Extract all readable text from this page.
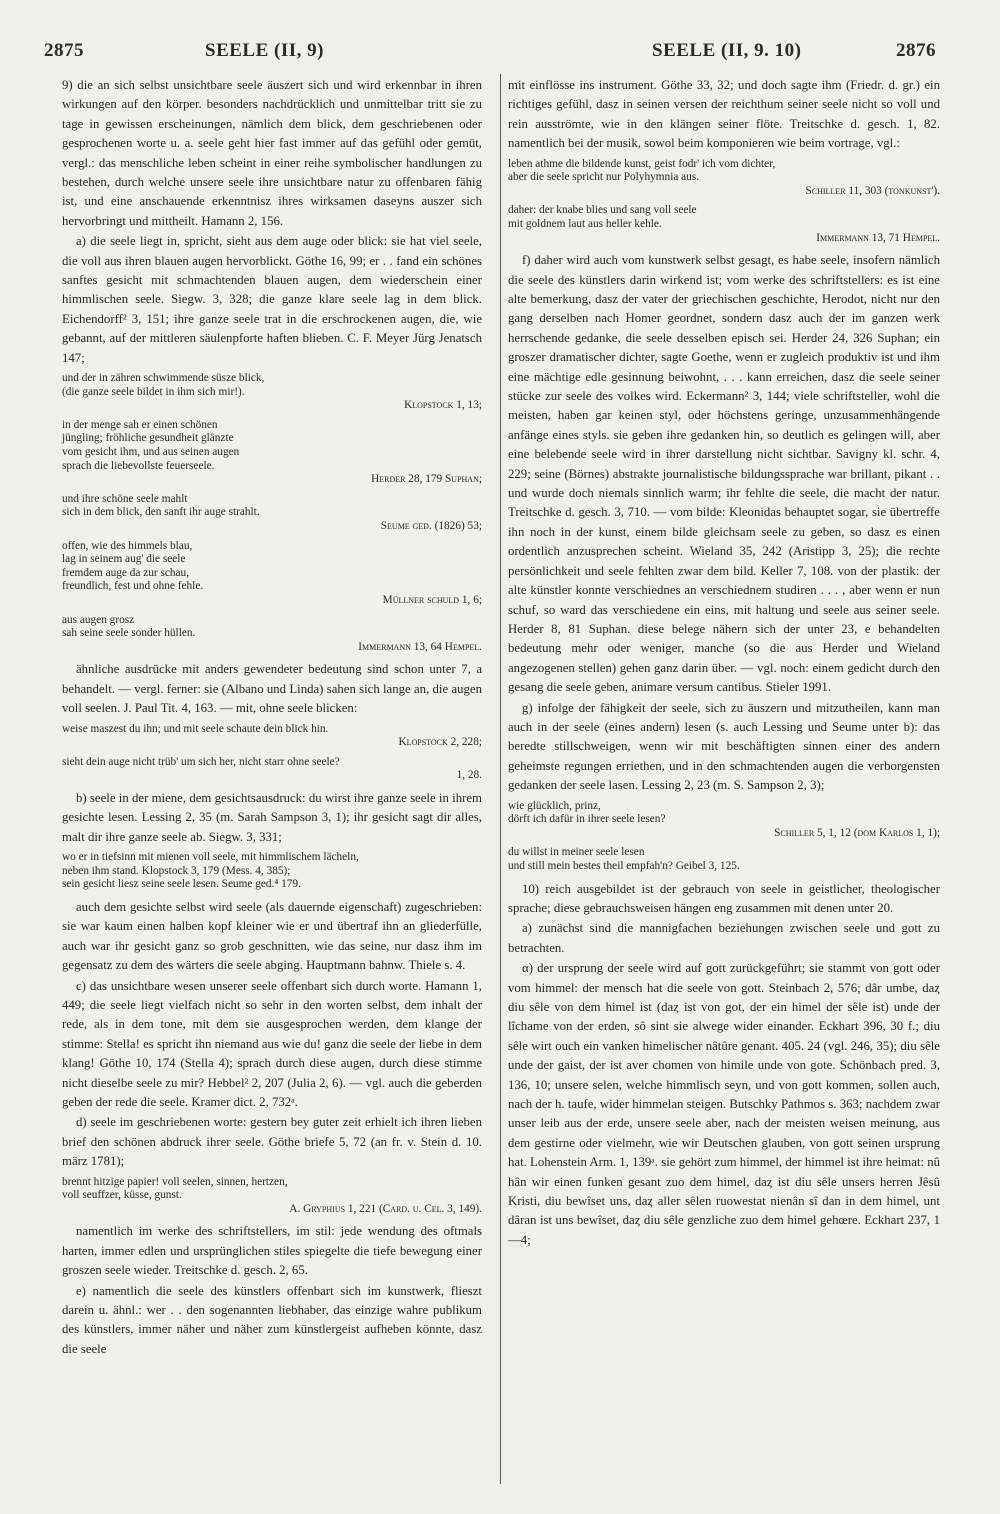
2875	SEELE (II, 9)	SEELE (II, 9. 10)	2876

9) die an sich selbst unsichtbare seele äuszert sich und wird erkennbar in ihren wirkungen auf den körper. besonders nachdrücklich und unmittelbar tritt sie zu tage in gewissen erscheinungen, nämlich dem blick, dem geschriebenen oder gesprochenen worte u. a. seele geht hier fast immer auf das gefühl oder gemüt, vergl.: das menschliche leben scheint in einer reihe symbolischer handlungen zu bestehen, durch welche unsere seele ihre unsichtbare natur zu offenbaren fähig ist, und eine anschauende erkenntnisz ihres wirksamen daseyns auszer sich hervorbringt und mittheilt. Hamann 2, 156.

a) die seele liegt in, spricht, sieht aus dem auge oder blick: sie hat viel seele, die voll aus ihren blauen augen hervorblickt. Göthe 16, 99; er . . fand ein schönes sanftes gesicht mit schmachtenden blauen augen, dem wiederschein einer himmlischen seele. Siegw. 3, 328; die ganze klare seele lag in dem blick. Eichendorff² 3, 151; ihre ganze seele trat in die erschrockenen augen, die, wie gebannt, auf der mittleren säulenpforte haften blieben. C. F. Meyer Jürg Jenatsch 147;

und der in zähren schwimmende süsze blick,
(die ganze seele bildet in ihm sich mir!).
Klopstock 1, 13;
in der menge sah er einen schönen
jüngling; fröhliche gesundheit glänzte
vom gesicht ihm, und aus seinen augen
sprach die liebevollste feuerseele.
Herder 28, 179 Suphan;
und ihre schöne seele mahlt
sich in dem blick, den sanft ihr auge strahlt.
Seume ged. (1826) 53;
offen, wie des himmels blau,
lag in seinem aug' die seele
fremdem auge da zur schau,
freundlich, fest und ohne fehle.
Müllner schuld 1, 6;
aus augen grosz
sah seine seele sonder hüllen.
Immermann 13, 64 Hempel.

ähnliche ausdrücke mit anders gewendeter bedeutung sind schon unter 7, a behandelt. — vergl. ferner: sie (Albano und Linda) sahen sich lange an, die augen voll seelen. J. Paul Tit. 4, 163. — mit, ohne seele blicken:

weise maszest du ihn; und mit seele schaute dein blick hin.
Klopstock 2, 228;
sieht dein auge nicht trüb' um sich her, nicht starr ohne seele?
1, 28.

b) seele in der miene, dem gesichtsausdruck: du wirst ihre ganze seele in ihrem gesichte lesen. Lessing 2, 35 (m. Sarah Sampson 3, 1); ihr gesicht sagt dir alles, malt dir ihre ganze seele ab. Siegw. 3, 331;

wo er in tiefsinn mit mienen voll seele, mit himmlischem lächeln,
neben ihm stand. Klopstock 3, 179 (Mess. 4, 385);
sein gesicht liesz seine seele lesen. Seume ged.⁴ 179.

auch dem gesichte selbst wird seele (als dauernde eigenschaft) zugeschrieben: sie war kaum einen halben kopf kleiner wie er und übertraf ihn an gliederfülle, auch war ihr gesicht ganz so grob geschnitten, wie das seine, nur dasz ihm im gegensatz zu dem des wärters die seele abging. Hauptmann bahnw. Thiele s. 4.

c) das unsichtbare wesen unserer seele offenbart sich durch worte. Hamann 1, 449; die seele liegt vielfach nicht so sehr in den worten selbst, dem inhalt der rede, als in dem tone, mit dem sie ausgesprochen werden, dem klange der stimme: Stella! es spricht ihn niemand aus wie du! ganz die seele der liebe in dem klang! Göthe 10, 174 (Stella 4); sprach durch diese augen, durch diese stimme nicht dieselbe seele zu mir? Hebbel² 2, 207 (Julia 2, 6). — vgl. auch die geberden geben der rede die seele. Kramer dict. 2, 732ᵃ.

d) seele im geschriebenen worte: gestern bey guter zeit erhielt ich ihren lieben brief den schönen abdruck ihrer seele. Göthe briefe 5, 72 (an fr. v. Stein d. 10. märz 1781);

brennt hitzige papier! voll seelen, sinnen, hertzen,
voll seuffzer, küsse, gunst.
A. Gryphius 1, 221 (Card. u. Cel. 3, 149).

namentlich im werke des schriftstellers, im stil: jede wendung des oftmals harten, immer edlen und ursprünglichen stiles spiegelte die tiefe bewegung einer groszen seele wieder. Treitschke d. gesch. 2, 65.

e) namentlich die seele des künstlers offenbart sich im kunstwerk, flieszt darein u. ähnl.: wer . . den sogenannten liebhaber, das einzige wahre publikum des künstlers, immer näher und näher zum künstlergeist aufheben könnte, dasz die seele

mit einflösse ins instrument. Göthe 33, 32; und doch sagte ihm (Friedr. d. gr.) ein richtiges gefühl, dasz in seinen versen der reichthum seiner seele nicht so voll und rein ausströmte, wie in den klängen seiner flöte. Treitschke d. gesch. 1, 82. namentlich bei der musik, sowol beim komponieren wie beim vortrage, vgl.:

leben athme die bildende kunst, geist fodr' ich vom dichter,
aber die seele spricht nur Polyhymnia aus.
Schiller 11, 303 (tonkunst').
daher: der knabe blies und sang voll seele
mit goldnem laut aus heller kehle.
Immermann 13, 71 Hempel.

f) daher wird auch vom kunstwerk selbst gesagt, es habe seele, insofern nämlich die seele des künstlers darin wirkend ist; vom werke des schriftstellers: es ist eine alte bemerkung, dasz der vater der griechischen geschichte, Herodot, nicht nur den gang derselben nach Homer geordnet, sondern dasz auch der im ganzen werk herrschende gedanke, die seele desselben episch sei. Herder 24, 326 Suphan; ein groszer dramatischer dichter, sagte Goethe, wenn er zugleich produktiv ist und ihm eine mächtige edle gesinnung beiwohnt, . . . kann erreichen, dasz die seele seiner stücke zur seele des volkes wird. Eckermann² 3, 144; viele schriftsteller, wohl die meisten, haben gar keinen styl, oder höchstens geringe, unzusammenhängende anfänge eines styls. sie geben ihre gedanken hin, so deutlich es gelingen will, aber eine belebende seele wird in ihrer darstellung nicht sichtbar. Savigny kl. schr. 4, 229; seine (Börnes) abstrakte journalistische bildungssprache war brillant, pikant . . und wurde doch niemals sinnlich warm; ihr fehlte die seele, die macht der natur. Treitschke d. gesch. 3, 710. — vom bilde: Kleonidas behauptet sogar, sie übertreffe ihn noch in der kunst, einem bilde gleichsam seele zu geben, so dasz es einen ordentlich anzusprechen scheint. Wieland 35, 242 (Aristipp 3, 25); die rechte persönlichkeit und seele fehlten zwar dem bild. Keller 7, 108. von der plastik: der alte künstler konnte verschiednes an verschiednem studiren . . . , aber wenn er nun schuf, so ward das verschiedene ein eins, mit haltung und seele aus seiner seele. Herder 8, 81 Suphan. diese belege nähern sich der unter 23, e behandelten bedeutung mehr oder weniger, manche (so die aus Herder und Wieland angezogenen stellen) gehen ganz darin über. — vgl. noch: einem gedicht durch den gesang die seele geben, animare versum cantibus. Stieler 1991.

g) infolge der fähigkeit der seele, sich zu äuszern und mitzutheilen, kann man auch in der seele (eines andern) lesen (s. auch Lessing und Seume unter b): das beredte stillschweigen, wenn wir mit beschäftigten sinnen einer des andern geheimste regungen erriethen, und in den schmachtenden augen die verborgensten gedanken der seele lasen. Lessing 2, 23 (m. S. Sampson 2, 3);

wie glücklich, prinz,
dörft ich dafür in ihrer seele lesen?
Schiller 5, 1, 12 (dom Karlos 1, 1);
du willst in meiner seele lesen
und still mein bestes theil empfah'n? Geibel 3, 125.

10) reich ausgebildet ist der gebrauch von seele in geistlicher, theologischer sprache; diese gebrauchsweisen hängen eng zusammen mit denen unter 20.

a) zunächst sind die mannigfachen beziehungen zwischen seele und gott zu betrachten.

α) der ursprung der seele wird auf gott zurückgeführt; sie stammt von gott oder vom himmel: der mensch hat die seele von gott. Steinbach 2, 576; dâr umbe, daȥ diu sêle von dem himel ist (daȥ ist von got, der ein himel der sêle ist) unde der lîchame von der erden, sô sint sie alwege wider einander. Eckhart 396, 30 f.; diu sêle wirt ouch ein vanken himelischer nâtûre genant. 405. 24 (vgl. 246, 35); diu sêle unde der gaist, der ist aver chomen von himile unde von gote. Schönbach pred. 3, 136, 10; unsere selen, welche himmlisch seyn, und von gott kommen, sollen auch, nach der h. taufe, wider himmelan steigen. Butschky Pathmos s. 363; nachdem zwar unser leib aus der erde, unsere seele aber, nach der meisten weisen meinung, aus dem gestirne oder vielmehr, wie wir Deutschen glauben, von gott seinen ursprung hat. Lohenstein Arm. 1, 139ᵃ. sie gehört zum himmel, der himmel ist ihre heimat: nû hân wir einen funken gesant zuo dem himel, daȥ ist diu sêle unsers herren Jêsû Kristi, diu bewîset uns, daȥ aller sêlen ruowestat nienân sî dan in dem himel, unt dâran ist uns bewîset, daȥ diu sêle genzliche zuo dem himel gehœre. Eckhart 237, 1—4;
